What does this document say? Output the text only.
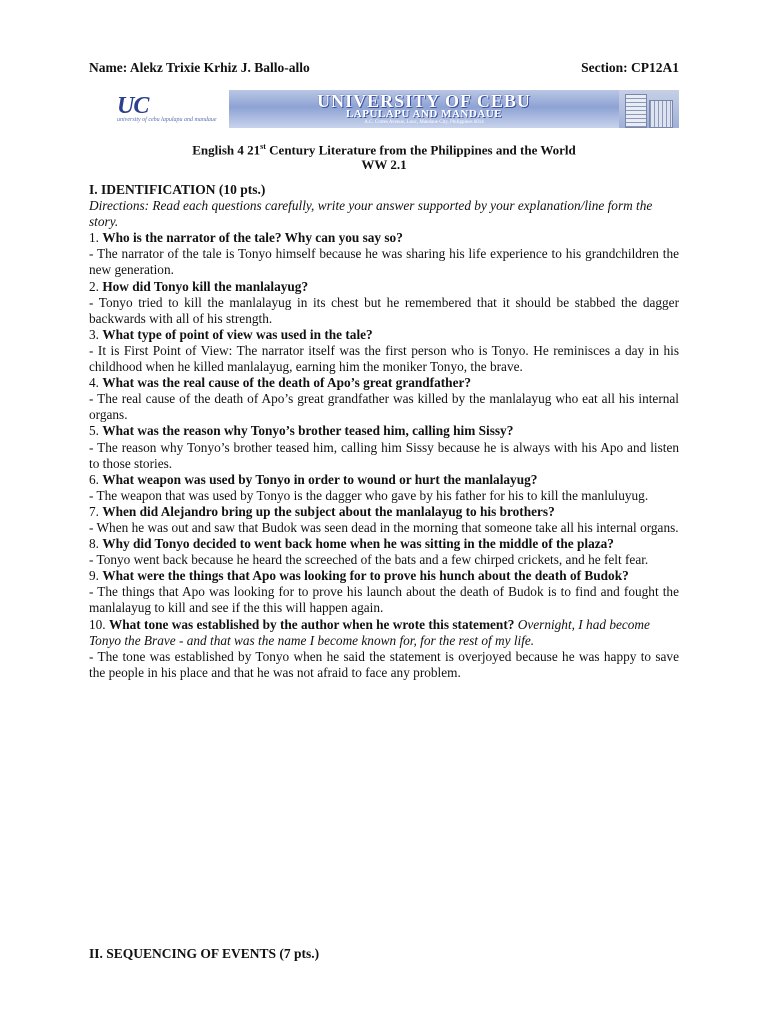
Name: Alekz Trixie Krhiz J. Ballo-allo	Section: CP12A1
UC
university of cebu lapulapu and mandaue
UNIVERSITY OF CEBU
LAPULAPU AND MANDAUE
A.C. Cortes Avenue, Looc, Mandaue City, Philippines 6014
English 4 21st Century Literature from the Philippines and the World
WW 2.1
I. IDENTIFICATION (10 pts.)
Directions: Read each questions carefully, write your answer supported by your explanation/line form the story.
1. Who is the narrator of the tale? Why can you say so?
- The narrator of the tale is Tonyo himself because he was sharing his life experience to his grandchildren the new generation.
2. How did Tonyo kill the manlalayug?
- Tonyo tried to kill the manlalayug in its chest but he remembered that it should be stabbed the dagger backwards with all of his strength.
3. What type of point of view was used in the tale?
- It is First Point of View: The narrator itself was the first person who is Tonyo. He reminisces a day in his childhood when he killed manlalayug, earning him the moniker Tonyo, the brave.
4. What was the real cause of the death of Apo’s great grandfather?
- The real cause of the death of Apo’s great grandfather was killed by the manlalayug who eat all his internal organs.
5. What was the reason why Tonyo’s brother teased him, calling him Sissy?
- The reason why Tonyo’s brother teased him, calling him Sissy because he is always with his Apo and listen to those stories.
6. What weapon was used by Tonyo in order to wound or hurt the manlalayug?
- The weapon that was used by Tonyo is the dagger who gave by his father for his to kill the manluluyug.
7. When did Alejandro bring up the subject about the manlalayug to his brothers?
- When he was out and saw that Budok was seen dead in the morning that someone take all his internal organs.
8. Why did Tonyo decided to went back home when he was sitting in the middle of the plaza?
- Tonyo went back because he heard the screeched of the bats and a few chirped crickets, and he felt fear.
9. What were the things that Apo was looking for to prove his hunch about the death of Budok?
- The things that Apo was looking for to prove his launch about the death of Budok is to find and fought the manlalayug to kill and see if the this will happen again.
10. What tone was established by the author when he wrote this statement? Overnight, I had become Tonyo the Brave - and that was the name I become known for, for the rest of my life.
- The tone was established by Tonyo when he said the statement is overjoyed because he was happy to save the people in his place and that he was not afraid to face any problem.
II. SEQUENCING OF EVENTS (7 pts.)
